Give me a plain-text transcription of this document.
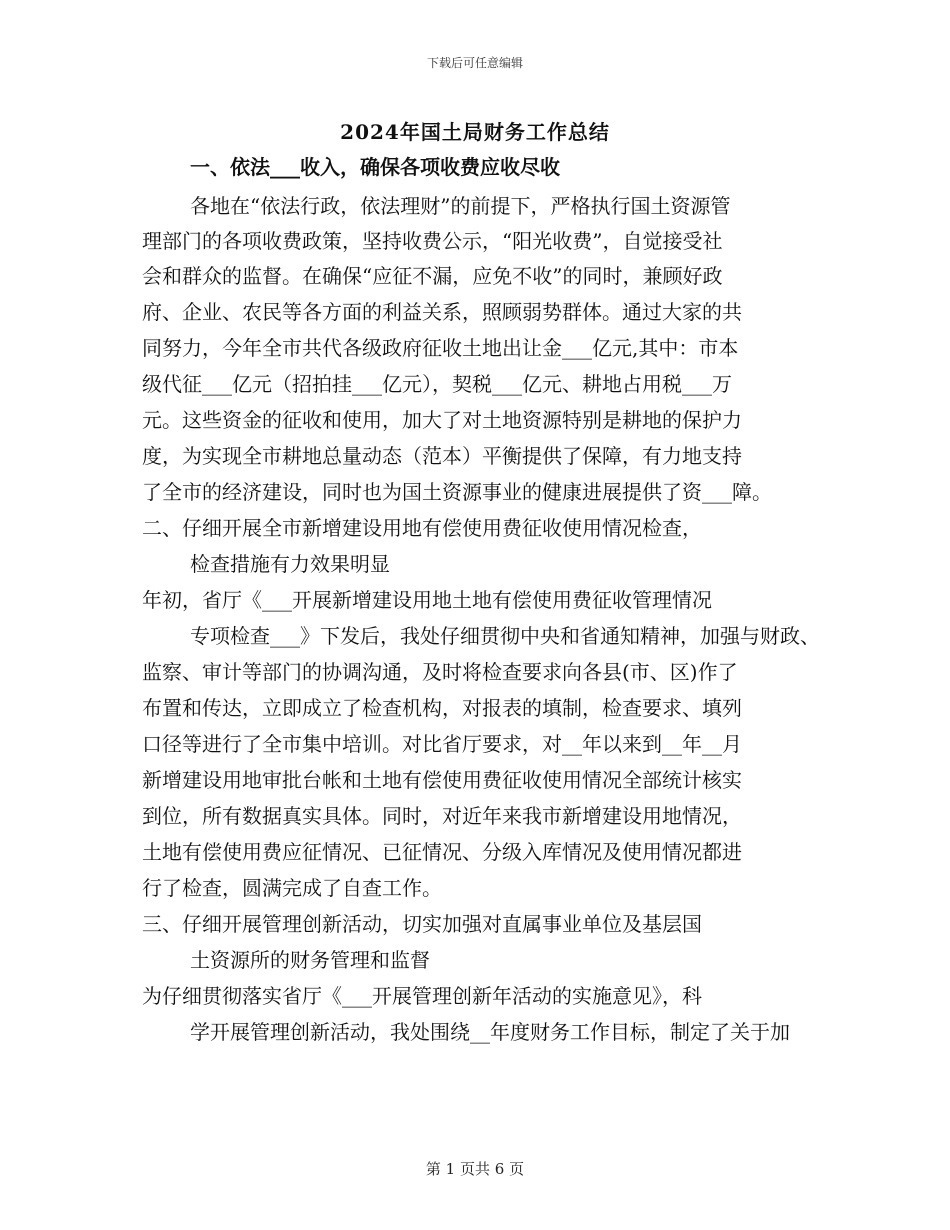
下载后可任意编辑
2024年国土局财务工作总结
一、依法___收入，确保各项收费应收尽收
各地在“依法行政，依法理财”的前提下，严格执行国土资源管
理部门的各项收费政策，坚持收费公示，“阳光收费”，自觉接受社
会和群众的监督。在确保“应征不漏，应免不收”的同时，兼顾好政
府、企业、农民等各方面的利益关系，照顾弱势群体。通过大家的共
同努力，今年全市共代各级政府征收土地出让金___亿元,其中：市本
级代征___亿元（招拍挂___亿元），契税___亿元、耕地占用税___万
元。这些资金的征收和使用，加大了对土地资源特别是耕地的保护力
度，为实现全市耕地总量动态（范本）平衡提供了保障，有力地支持
了全市的经济建设，同时也为国土资源事业的健康进展提供了资___障。
二、仔细开展全市新增建设用地有偿使用费征收使用情况检查，
检查措施有力效果明显
年初，省厅《___开展新增建设用地土地有偿使用费征收管理情况
专项检查___》下发后，我处仔细贯彻中央和省通知精神，加强与财政、
监察、审计等部门的协调沟通，及时将检查要求向各县(市、区)作了
布置和传达，立即成立了检查机构，对报表的填制，检查要求、填列
口径等进行了全市集中培训。对比省厅要求，对__年以来到__年__月
新增建设用地审批台帐和土地有偿使用费征收使用情况全部统计核实
到位，所有数据真实具体。同时，对近年来我市新增建设用地情况，
土地有偿使用费应征情况、已征情况、分级入库情况及使用情况都进
行了检查，圆满完成了自查工作。
三、仔细开展管理创新活动，切实加强对直属事业单位及基层国
土资源所的财务管理和监督
为仔细贯彻落实省厅《___开展管理创新年活动的实施意见》，科
学开展管理创新活动，我处围绕__年度财务工作目标，制定了关于加
第 1 页共 6 页
